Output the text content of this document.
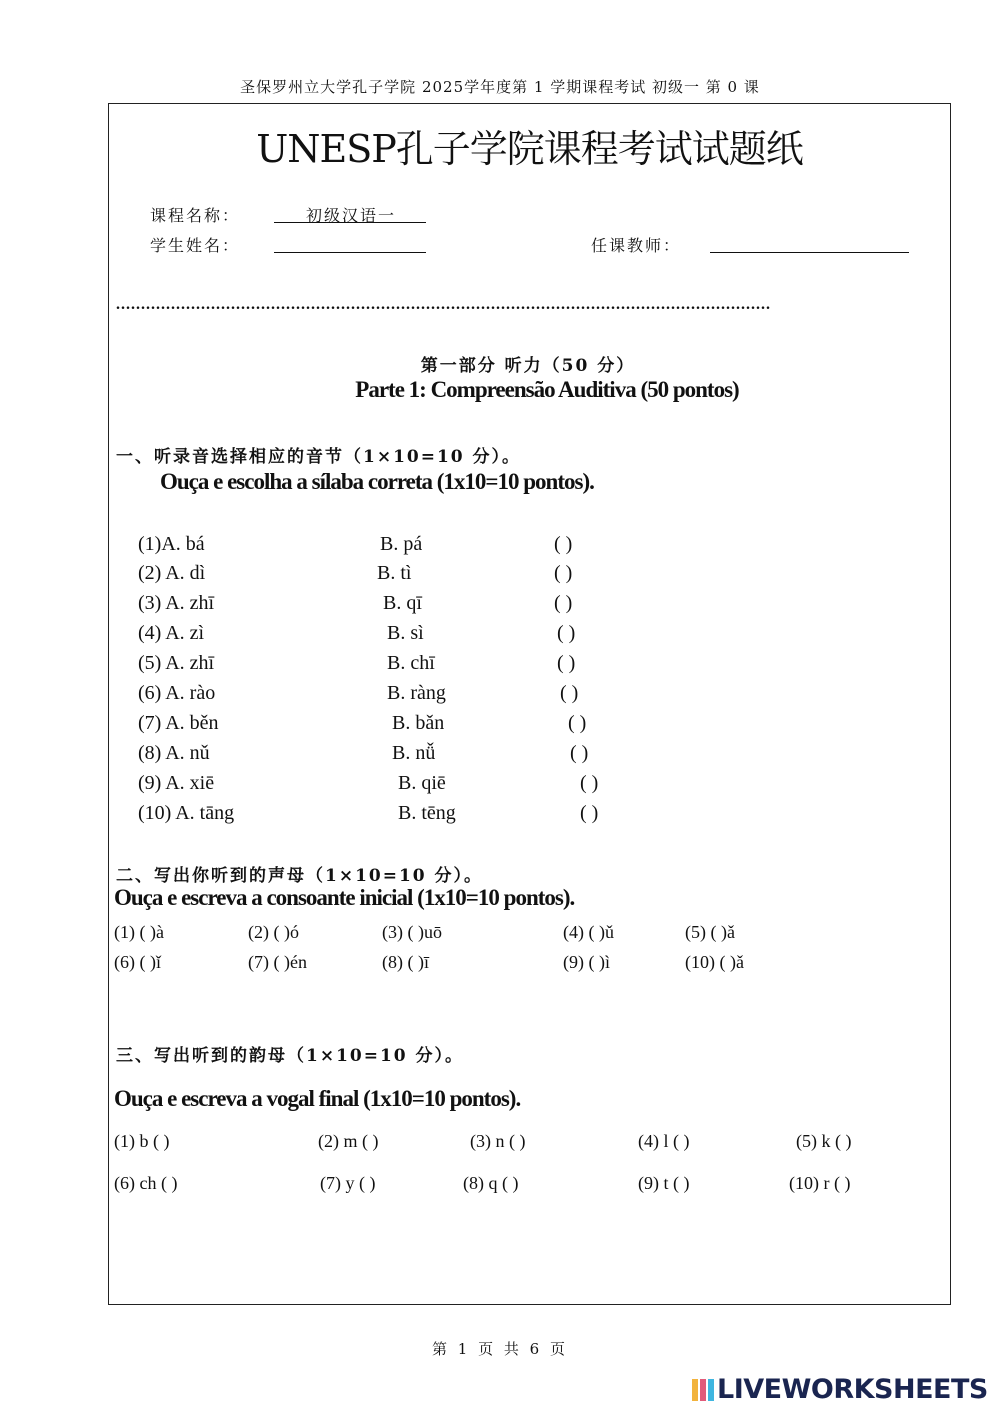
圣保罗州立大学孔子学院 2025学年度第 1 学期课程考试 初级一 第 0 课
UNESP孔子学院课程考试试题纸
课程名称：	初级汉语一
学生姓名：	任课教师：
...................................................................................................................................
第一部分 听力（50 分）
Parte 1: Compreensão Auditiva (50 pontos)
一、听录音选择相应的音节（1×10=10 分）。
Ouça e escolha a sílaba correta (1x10=10 pontos).
(1)A. bá	B. pá	( )
(2) A. dì	B. tì	( )
(3) A. zhī	B. qī	( )
(4) A. zì	B. sì	( )
(5) A. zhī	B. chī	( )
(6) A. rào	B. ràng	( )
(7) A. běn	B. bǎn	( )
(8) A. nǔ	B. nǚ	( )
(9) A. xiē	B. qiē	( )
(10) A. tāng	B. tēng	( )
二、写出你听到的声母（1×10=10 分）。
Ouça e escreva a consoante inicial (1x10=10 pontos).
(1) ( )à	(2) ( )ó	(3) ( )uō	(4) ( )ǔ	(5) ( )ǎ
(6) ( )ǐ	(7) ( )én	(8) ( )ī	(9) ( )ì	(10) ( )ǎ
三、写出听到的韵母（1×10=10 分）。
Ouça e escreva a vogal final (1x10=10 pontos).
(1) b ( )	(2) m ( )	(3) n ( )	(4) l ( )	(5) k ( )
(6) ch ( )	(7) y ( )	(8) q ( )	(9) t ( )	(10) r ( )
第 1 页 共 6 页
LIVEWORKSHEETS
